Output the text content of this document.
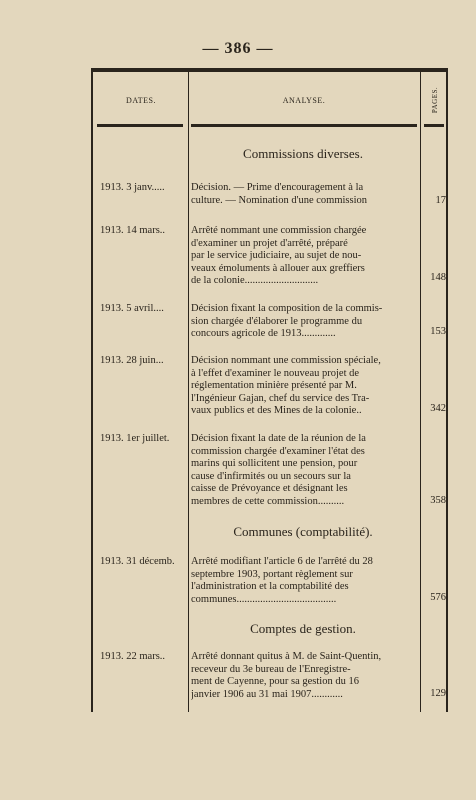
— 386 —
DATES.	ANALYSE.	PAGES.
Commissions diverses.
1913. 3 janv.....	Décision. — Prime d'encouragement à la
culture. — Nomination d'une commission	17
1913. 14 mars..	Arrêté nommant une commission chargée
d'examiner un projet d'arrêté, préparé
par le service judiciaire, au sujet de nou-
veaux émoluments à allouer aux greffiers
de la colonie............................	148
1913. 5 avril....	Décision fixant la composition de la commis-
sion chargée d'élaborer le programme du
concours agricole de 1913.............	153
1913. 28 juin...	Décision nommant une commission spéciale,
à l'effet d'examiner le nouveau projet de
réglementation minière présenté par M.
l'Ingénieur Gajan, chef du service des Tra-
vaux publics et des Mines de la colonie..	342
1913. 1er juillet.	Décision fixant la date de la réunion de la
commission chargée d'examiner l'état des
marins qui sollicitent une pension, pour
cause d'infirmités ou un secours sur la
caisse de Prévoyance et désignant les
membres de cette commission..........	358
Communes (comptabilité).
1913. 31 décemb.	Arrêté modifiant l'article 6 de l'arrêté du 28
septembre 1903, portant règlement sur
l'administration et la comptabilité des
communes......................................	576
Comptes de gestion.
1913. 22 mars..	Arrêté donnant quitus à M. de Saint-Quentin,
receveur du 3e bureau de l'Enregistre-
ment de Cayenne, pour sa gestion du 16
janvier 1906 au 31 mai 1907............	129
